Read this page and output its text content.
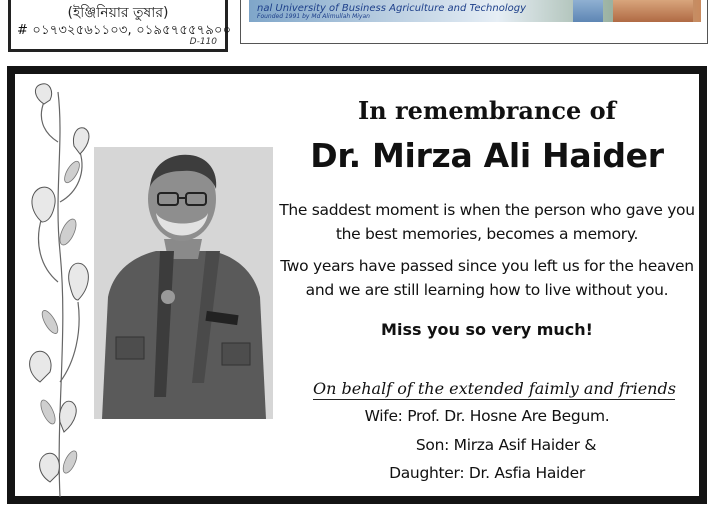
(ইঞ্জিনিয়ার তুষার)
# ০১৭৩২৫৬১১০৩, ০১৯৫৭৫৫৭৯০০
D-110
nal University of Business Agriculture and Technology
Founded 1991 by Md Alimullah Miyan
In remembrance of
Dr. Mirza Ali Haider
The saddest moment is when the person who gave you the best memories, becomes a memory.
Two years have passed since you left us for the heaven and we are still learning how to live without you.
Miss you so very much!
On behalf of the extended faimly and friends
Wife: Prof. Dr. Hosne Are Begum.
Son: Mirza Asif Haider &
Daughter: Dr. Asfia Haider
